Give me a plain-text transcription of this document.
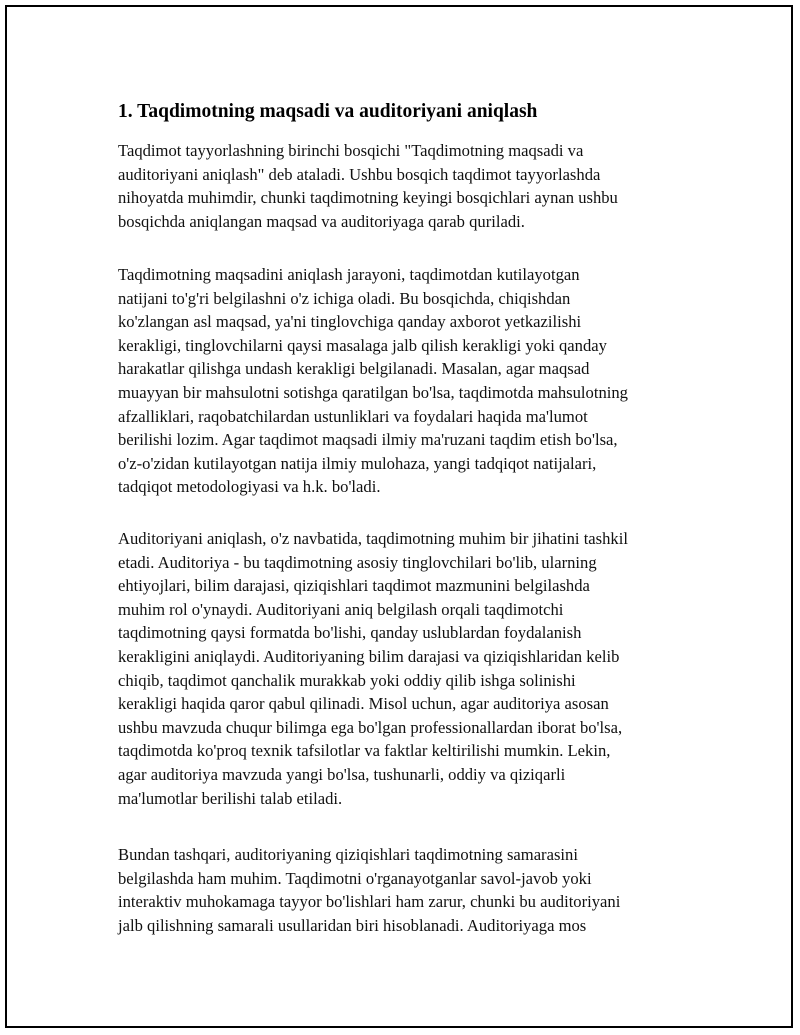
1. Taqdimotning maqsadi va auditoriyani aniqlash

Taqdimot tayyorlashning birinchi bosqichi "Taqdimotning maqsadi va
auditoriyani aniqlash" deb ataladi. Ushbu bosqich taqdimot tayyorlashda
nihoyatda muhimdir, chunki taqdimotning keyingi bosqichlari aynan ushbu
bosqichda aniqlangan maqsad va auditoriyaga qarab quriladi.

Taqdimotning maqsadini aniqlash jarayoni, taqdimotdan kutilayotgan
natijani to'g'ri belgilashni o'z ichiga oladi. Bu bosqichda, chiqishdan
ko'zlangan asl maqsad, ya'ni tinglovchiga qanday axborot yetkazilishi
kerakligi, tinglovchilarni qaysi masalaga jalb qilish kerakligi yoki qanday
harakatlar qilishga undash kerakligi belgilanadi. Masalan, agar maqsad
muayyan bir mahsulotni sotishga qaratilgan bo'lsa, taqdimotda mahsulotning
afzalliklari, raqobatchilardan ustunliklari va foydalari haqida ma'lumot
berilishi lozim. Agar taqdimot maqsadi ilmiy ma'ruzani taqdim etish bo'lsa,
o'z-o'zidan kutilayotgan natija ilmiy mulohaza, yangi tadqiqot natijalari,
tadqiqot metodologiyasi va h.k. bo'ladi.

Auditoriyani aniqlash, o'z navbatida, taqdimotning muhim bir jihatini tashkil
etadi. Auditoriya - bu taqdimotning asosiy tinglovchilari bo'lib, ularning
ehtiyojlari, bilim darajasi, qiziqishlari taqdimot mazmunini belgilashda
muhim rol o'ynaydi. Auditoriyani aniq belgilash orqali taqdimotchi
taqdimotning qaysi formatda bo'lishi, qanday uslublardan foydalanish
kerakligini aniqlaydi. Auditoriyaning bilim darajasi va qiziqishlaridan kelib
chiqib, taqdimot qanchalik murakkab yoki oddiy qilib ishga solinishi
kerakligi haqida qaror qabul qilinadi. Misol uchun, agar auditoriya asosan
ushbu mavzuda chuqur bilimga ega bo'lgan professionallardan iborat bo'lsa,
taqdimotda ko'proq texnik tafsilotlar va faktlar keltirilishi mumkin. Lekin,
agar auditoriya mavzuda yangi bo'lsa, tushunarli, oddiy va qiziqarli
ma'lumotlar berilishi talab etiladi.

Bundan tashqari, auditoriyaning qiziqishlari taqdimotning samarasini
belgilashda ham muhim. Taqdimotni o'rganayotganlar savol-javob yoki
interaktiv muhokamaga tayyor bo'lishlari ham zarur, chunki bu auditoriyani
jalb qilishning samarali usullaridan biri hisoblanadi. Auditoriyaga mos
